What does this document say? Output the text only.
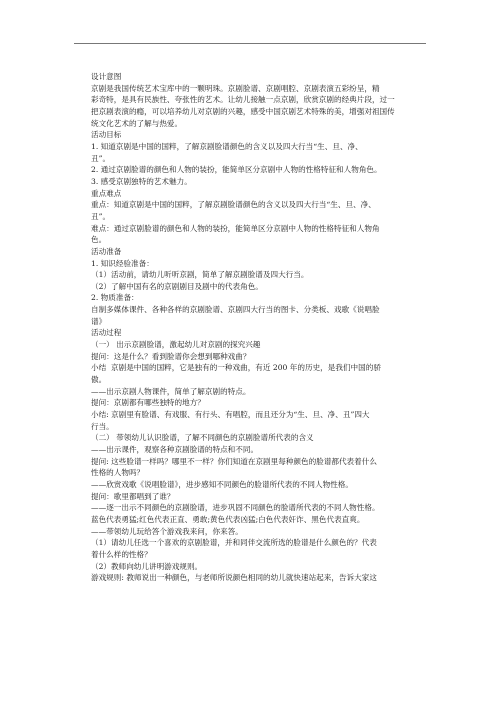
设计意图
京剧是我国传统艺术宝库中的一颗明珠。京剧脸谱、京剧唱腔、京剧表演五彩纷呈，精
彩奇特，是具有民族性、夸张性的艺术。让幼儿接触一点京剧，欣赏京剧的经典片段，过一
把京剧表演的瘾，可以培养幼儿对京剧的兴趣，感受中国京剧艺术特殊的美，增强对祖国传
统文化艺术的了解与热爱。
活动目标
1. 知道京剧是中国的国粹，了解京剧脸谱颜色的含义以及四大行当“生、旦、净、
丑”。
2. 通过京剧脸谱的颜色和人物的装扮，能简单区分京剧中人物的性格特征和人物角色。
3. 感受京剧独特的艺术魅力。
重点难点
重点：知道京剧是中国的国粹，了解京剧脸谱颜色的含义以及四大行当“生、旦、净、
丑”。
难点：通过京剧脸谱的颜色和人物的装扮，能简单区分京剧中人物的性格特征和人物角
色。
活动准备
1. 知识经验准备：
（1）活动前，请幼儿听听京剧，简单了解京剧脸谱及四大行当。
（2）了解中国有名的京剧剧目及剧中的代表角色。
2. 物质准备：
自制多媒体课件、各种各样的京剧脸谱、京剧四大行当的图卡、分类板、戏歌《说唱脸
谱》
活动过程
（一） 出示京剧脸谱，激起幼儿对京剧的探究兴趣
提问：这是什么？看到脸谱你会想到哪种戏曲？
小结  京剧是中国的国粹，它是独有的一种戏曲，有近 200 年的历史，是我们中国的骄
傲。
——出示京剧人物课件，简单了解京剧的特点。
提问：京剧都有哪些独特的地方？
小结: 京剧里有脸谱、有戏服、有行头、有唱腔，而且还分为“生、旦、净、丑”四大
行当。
（二） 带领幼儿认识脸谱，了解不同颜色的京剧脸谱所代表的含义
——出示课件，观察各种京剧脸谱的特点和不同。
提问: 这些脸谱一样吗？哪里不一样？你们知道在京剧里每种颜色的脸谱都代表着什么
性格的人物吗？
——欣赏戏歌《说唱脸谱》，进步感知不同颜色的脸谱所代表的不同人物性格。
提问：歌里都唱到了谁？
——逐一出示不同颜色的京剧脸谱，进步巩固不同颜色的脸谱所代表的不同人物性格。
蓝色代表勇猛;红色代表正直、勇敢;黄色代表凶猛;白色代表奸诈、黑色代表直爽。
——带领幼儿玩给答个游戏我来问，你来答。
（1）请幼儿任选一个喜欢的京剧脸谱，并和同伴交流所选的脸谱是什么颜色的？代表
着什么样的性格？
（2）教师向幼儿讲明游戏规则。
游戏规则: 教师说出一种颜色，与老师所说颜色相同的幼儿就快速站起来，告诉大家这
